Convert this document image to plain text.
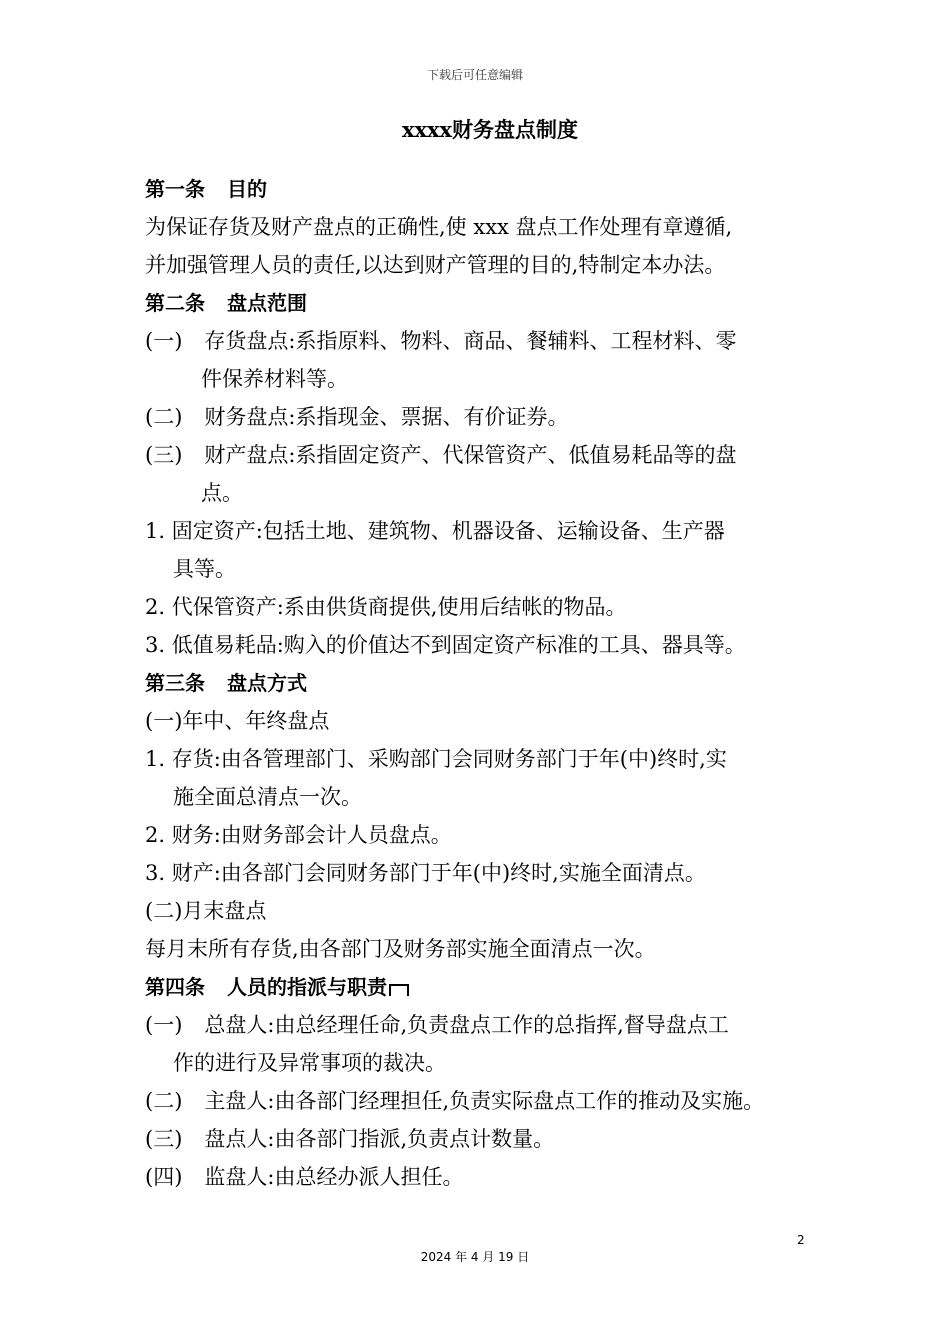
下载后可任意编辑
xxxx财务盘点制度
第一条 目的
为保证存货及财产盘点的正确性,使 xxx 盘点工作处理有章遵循,
并加强管理人员的责任,以达到财产管理的目的,特制定本办法。
第二条 盘点范围
(一) 存货盘点:系指原料、物料、商品、餐辅料、工程材料、零
件保养材料等。
(二) 财务盘点:系指现金、票据、有价证券。
(三) 财产盘点:系指固定资产、代保管资产、低值易耗品等的盘
点。
1. 固定资产:包括土地、建筑物、机器设备、运输设备、生产器
具等。
2. 代保管资产:系由供货商提供,使用后结帐的物品。
3. 低值易耗品:购入的价值达不到固定资产标准的工具、器具等。
第三条 盘点方式
(一)年中、年终盘点
1. 存货:由各管理部门、采购部门会同财务部门于年(中)终时,实
施全面总清点一次。
2. 财务:由财务部会计人员盘点。
3. 财产:由各部门会同财务部门于年(中)终时,实施全面清点。
(二)月末盘点
每月末所有存货,由各部门及财务部实施全面清点一次。
第四条 人员的指派与职责
(一) 总盘人:由总经理任命,负责盘点工作的总指挥,督导盘点工
作的进行及异常事项的裁决。
(二) 主盘人:由各部门经理担任,负责实际盘点工作的推动及实施。
(三) 盘点人:由各部门指派,负责点计数量。
(四) 监盘人:由总经办派人担任。
2
2024 年 4 月 19 日
